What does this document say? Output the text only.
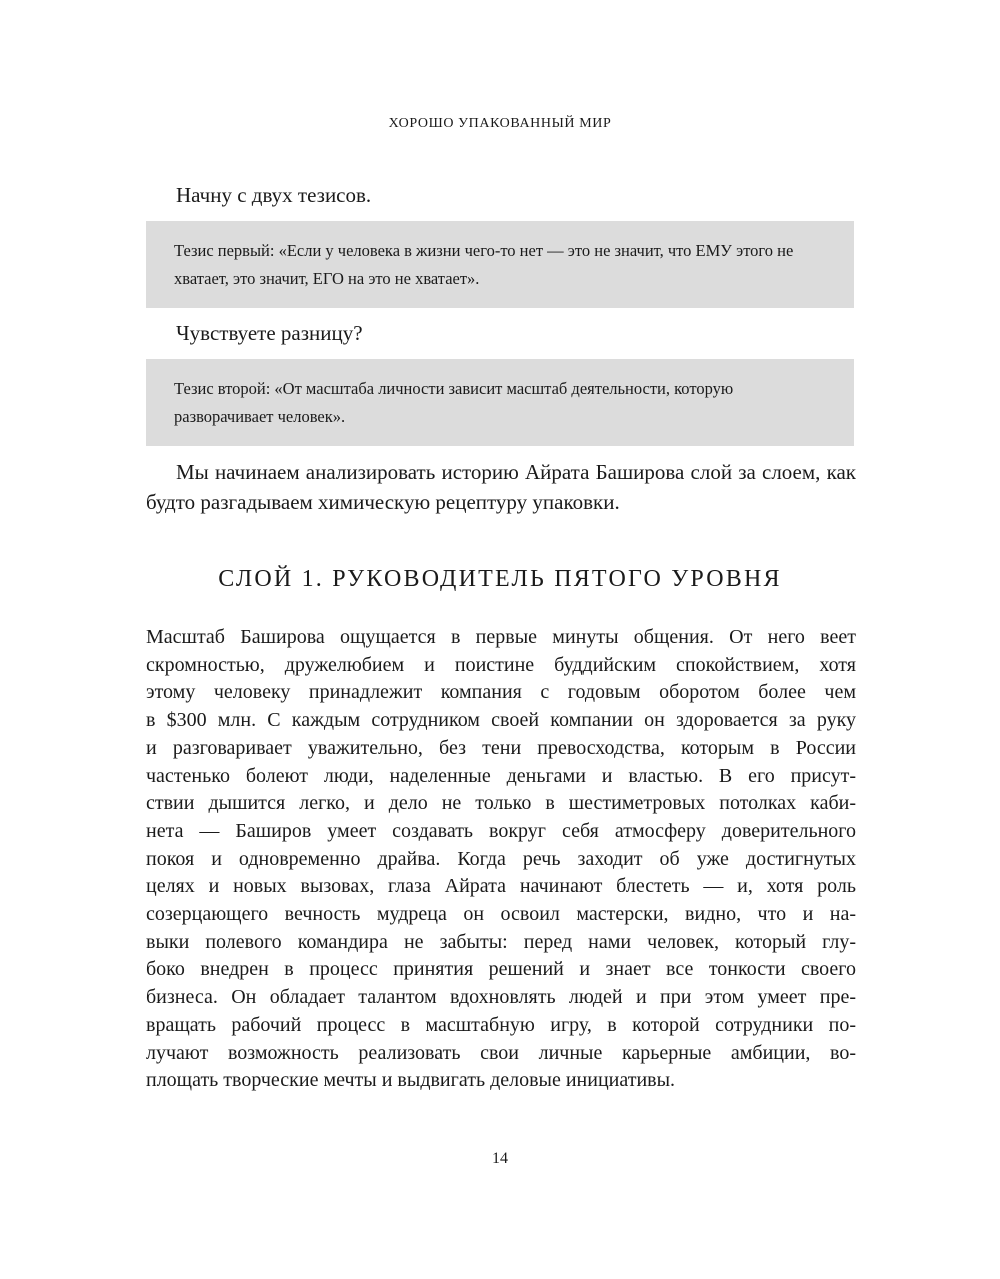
ХОРОШО УПАКОВАННЫЙ МИР
Начну с двух тезисов.
Тезис первый: «Если у человека в жизни чего-то нет — это не значит, что ЕМУ этого не хватает, это значит, ЕГО на это не хватает».
Чувствуете разницу?
Тезис второй: «От масштаба личности зависит масштаб деятельности, которую разворачивает человек».
Мы начинаем анализировать историю Айрата Баширова слой за слоем, как будто разгадываем химическую рецептуру упаковки.
СЛОЙ 1. РУКОВОДИТЕЛЬ ПЯТОГО УРОВНЯ
Масштаб Баширова ощущается в первые минуты общения. От него веет
скромностью, дружелюбием и поистине буддийским спокойствием, хотя
этому человеку принадлежит компания с годовым оборотом более чем
в $300 млн. С каждым сотрудником своей компании он здоровается за руку
и разговаривает уважительно, без тени превосходства, которым в России
частенько болеют люди, наделенные деньгами и властью. В его присут-
ствии дышится легко, и дело не только в шестиметровых потолках каби-
нета — Баширов умеет создавать вокруг себя атмосферу доверительного
покоя и одновременно драйва. Когда речь заходит об уже достигнутых
целях и новых вызовах, глаза Айрата начинают блестеть — и, хотя роль
созерцающего вечность мудреца он освоил мастерски, видно, что и на-
выки полевого командира не забыты: перед нами человек, который глу-
боко внедрен в процесс принятия решений и знает все тонкости своего
бизнеса. Он обладает талантом вдохновлять людей и при этом умеет пре-
вращать рабочий процесс в масштабную игру, в которой сотрудники по-
лучают возможность реализовать свои личные карьерные амбиции, во-
площать творческие мечты и выдвигать деловые инициативы.
14
